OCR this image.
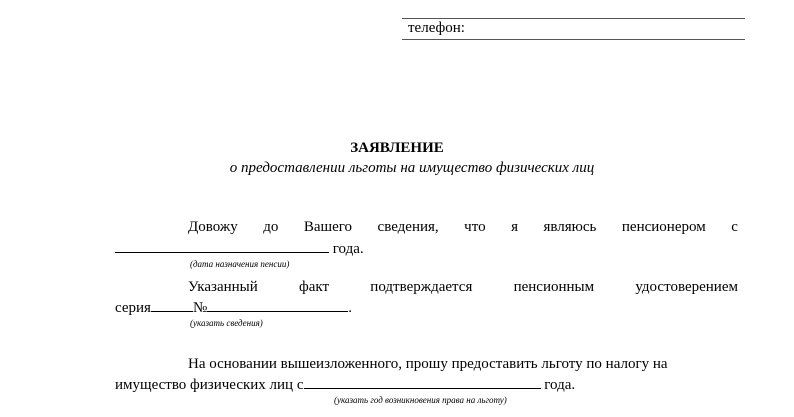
телефон:
ЗАЯВЛЕНИЕ
о предоставлении льготы на имущество физических лиц
Довожу до Вашего сведения, что я являюсь пенсионером с
года.
(дата назначения пенсии)
Указанный	факт	подтверждается	пенсионным	удостоверением
серия	№	.
(указать сведения)
На основании вышеизложенного, прошу предоставить льготу по налогу на
имущество физических лиц с	года.
(указать год возникновения права на льготу)
